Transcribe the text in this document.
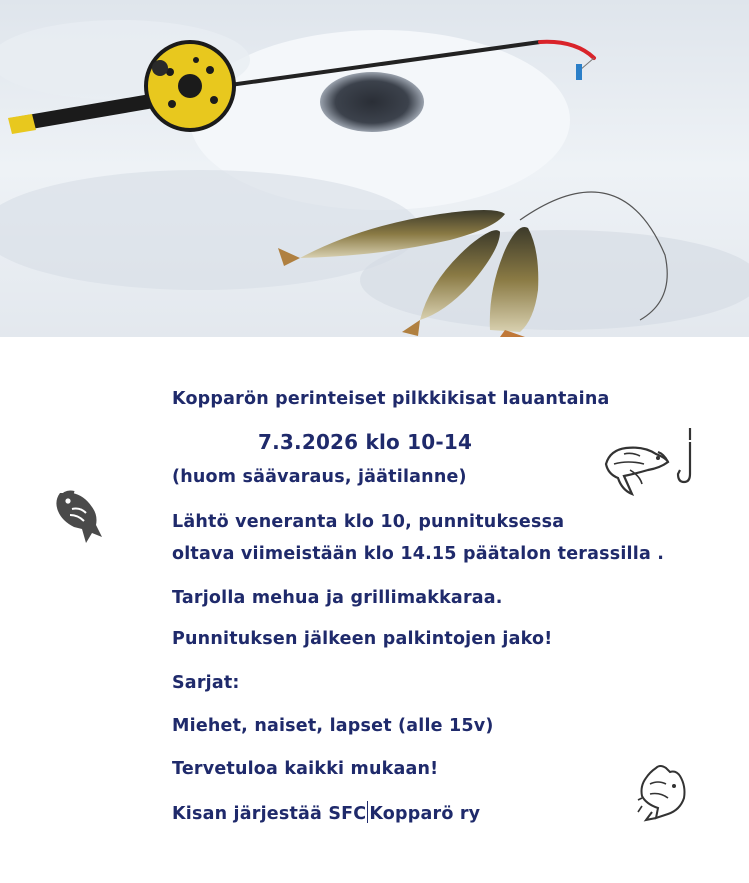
Kopparön perinteiset pilkkikisat lauantaina
7.3.2026 klo 10-14
(huom säävaraus, jäätilanne)
Lähtö veneranta klo 10, punnituksessa
oltava viimeistään klo 14.15 päätalon terassilla .
Tarjolla mehua ja grillimakkaraa.
Punnituksen jälkeen palkintojen jako!
Sarjat:
Miehet, naiset, lapset (alle 15v)
Tervetuloa kaikki mukaan!
Kisan järjestää SFC Kopparö ry
